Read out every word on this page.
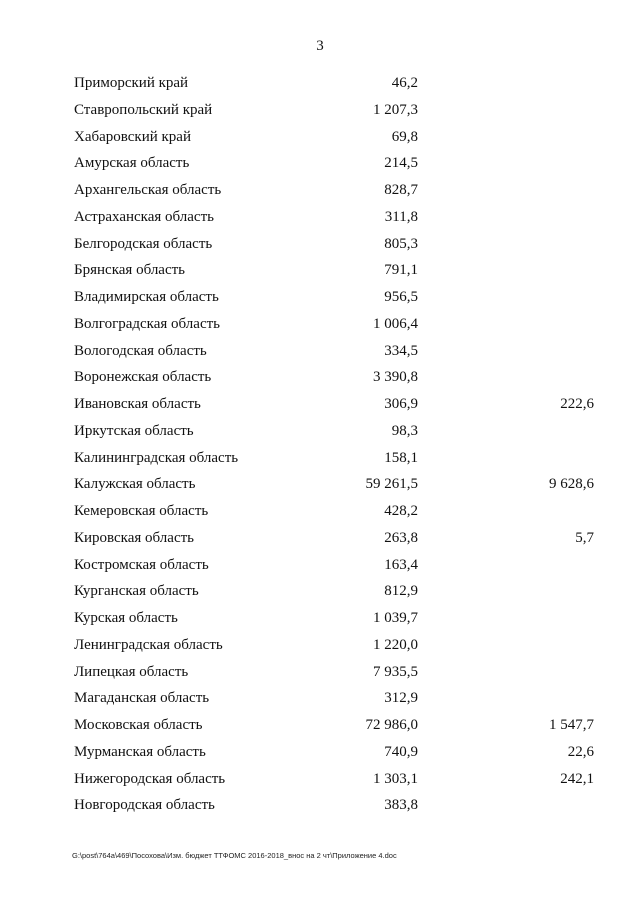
3
Приморский край	46,2
Ставропольский край	1 207,3
Хабаровский край	69,8
Амурская область	214,5
Архангельская область	828,7
Астраханская область	311,8
Белгородская область	805,3
Брянская область	791,1
Владимирская область	956,5
Волгоградская область	1 006,4
Вологодская область	334,5
Воронежская область	3 390,8
Ивановская область	306,9	222,6
Иркутская область	98,3
Калининградская область	158,1
Калужская область	59 261,5	9 628,6
Кемеровская область	428,2
Кировская область	263,8	5,7
Костромская область	163,4
Курганская область	812,9
Курская область	1 039,7
Ленинградская область	1 220,0
Липецкая область	7 935,5
Магаданская область	312,9
Московская область	72 986,0	1 547,7
Мурманская область	740,9	22,6
Нижегородская область	1 303,1	242,1
Новгородская область	383,8
G:\post\764a\469\Посохова\Изм. бюджет ТТФОМС 2016-2018_внос на 2 чт\Приложение 4.doc
